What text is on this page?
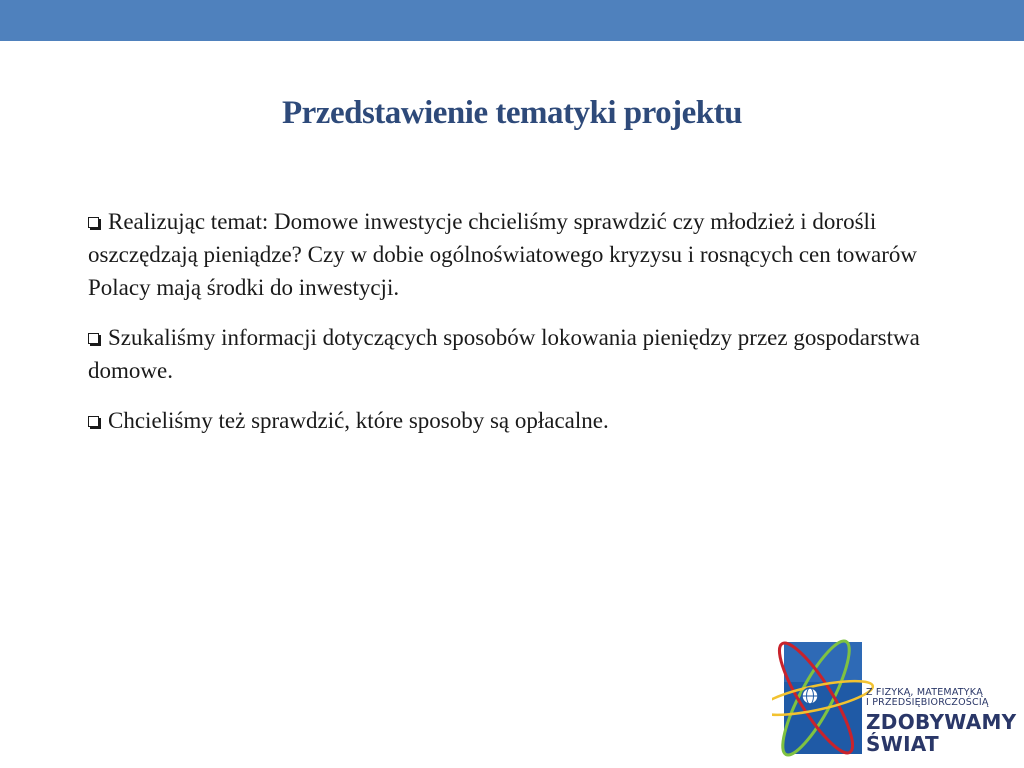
Przedstawienie tematyki projektu

Realizując temat: Domowe inwestycje chcieliśmy sprawdzić czy młodzież i dorośli oszczędzają pieniądze? Czy w dobie ogólnoświatowego kryzysu i rosnących cen towarów Polacy mają środki do inwestycji.

Szukaliśmy informacji dotyczących sposobów lokowania pieniędzy przez gospodarstwa domowe.

Chcieliśmy też sprawdzić, które sposoby są opłacalne.

Z FIZYKĄ, MATEMATYKĄ
I PRZEDSIĘBIORCZOŚCIĄ
ZDOBYWAMY
ŚWIAT
